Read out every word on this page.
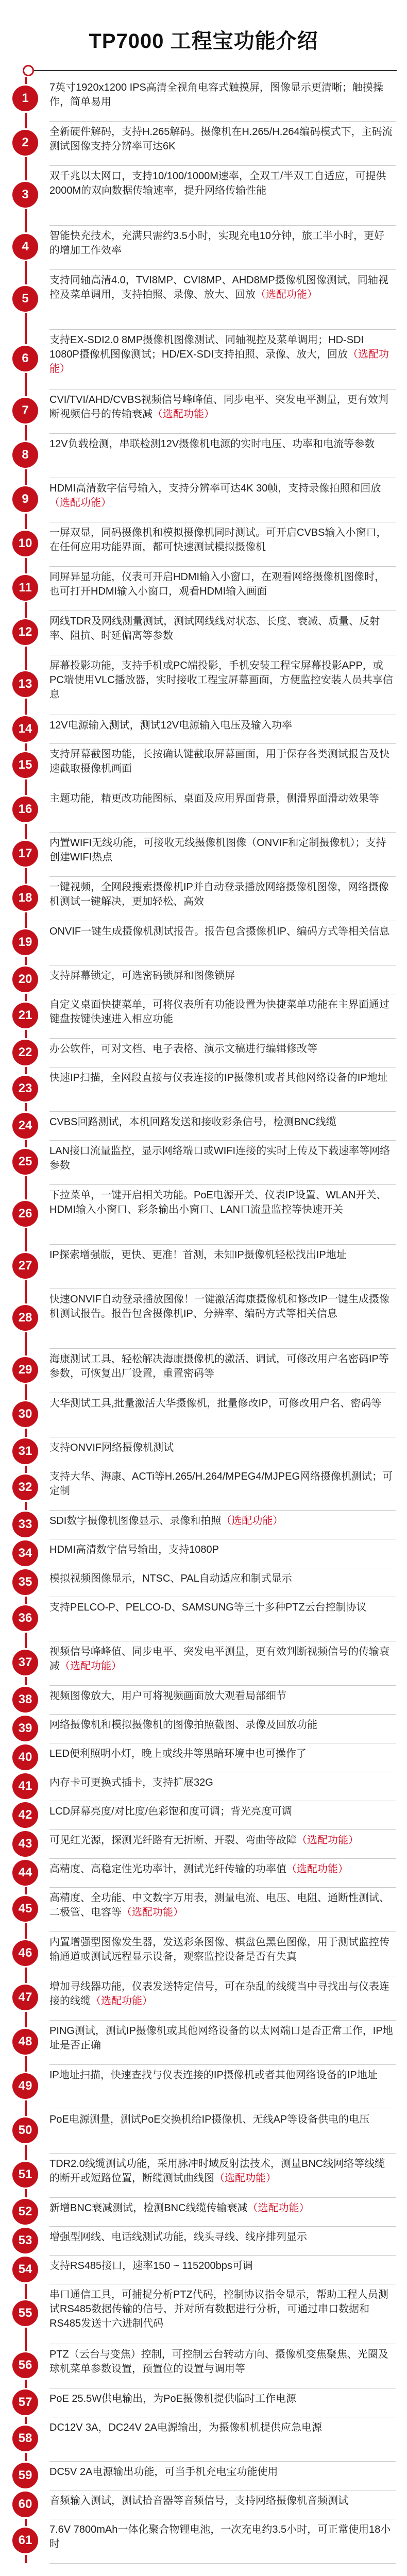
TP7000 工程宝功能介绍
1
7英寸1920x1200 IPS高清全视角电容式触摸屏，图像显示更清晰；触摸操作，简单易用
2
全新硬件解码，支持H.265解码。摄像机在H.265/H.264编码模式下，主码流测试图像支持分辨率可达6K
3
双千兆以太网口，支持10/100/1000M速率，全双工/半双工自适应，可提供2000M的双向数据传输速率，提升网络传输性能
4
智能快充技术，充满只需约3.5小时，实现充电10分钟，旅工半小时，更好的增加工作效率
5
支持同轴高清4.0，TVI8MP、CVI8MP、AHD8MP摄像机图像测试，同轴视控及菜单调用，支持拍照、录像、放大、回放（选配功能）
6
支持EX-SDI2.0 8MP摄像机图像测试、同轴视控及菜单调用；HD-SDI 1080P摄像机图像测试；HD/EX-SDI支持拍照、录像、放大，回放（选配功能）
7
CVI/TVI/AHD/CVBS视频信号峰峰值、同步电平、突发电平测量，更有效判断视频信号的传输衰减（选配功能）
8
12V负载检测，串联检测12V摄像机电源的实时电压、功率和电流等参数
9
HDMI高清数字信号输入，支持分辨率可达4K 30帧，支持录像拍照和回放（选配功能）
10
一屏双显，同码摄像机和模拟摄像机同时测试。可开启CVBS输入小窗口，在任何应用功能界面，都可快速测试模拟摄像机
11
同屏异显功能，仪表可开启HDMI输入小窗口，在观看网络摄像机图像时，也可打开HDMI输入小窗口，观看HDMI输入画面
12
网线TDR及网线测量测试，测试网线线对状态、长度、衰减、质量、反射率、阻抗、时延偏离等参数
13
屏幕投影功能，支持手机或PC端投影，手机安装工程宝屏幕投影APP，或PC端使用VLC播放器，实时接收工程宝屏幕画面，方便监控安装人员共享信息
14	12V电源输入测试，测试12V电源输入电压及输入功率
15
支持屏幕截图功能，长按确认键截取屏幕画面，用于保存各类测试报告及快速截取摄像机画面
16
主题功能，精更改功能图标、桌面及应用界面背景，侧滑界面滑动效果等
17
内置WIFI无线功能，可接收无线摄像机图像（ONVIF和定制摄像机）；支持创建WIFI热点
18
一键视频，全网段搜索摄像机IP并自动登录播放网络摄像机图像，网络摄像机测试一键解决，更加轻松、高效
19
ONVIF一键生成摄像机测试报告。报告包含摄像机IP、编码方式等相关信息
20	支持屏幕锁定，可选密码锁屏和图像锁屏
21
自定义桌面快捷菜单，可将仪表所有功能设置为快捷菜单功能在主界面通过键盘按键快速进入相应功能
22	办公软件，可对文档、电子表格、演示文稿进行编辑修改等
23
快速IP扫描，全网段直接与仪表连接的IP摄像机或者其他网络设备的IP地址
24	CVBS回路测试，本机回路发送和接收彩条信号，检测BNC线缆
25
LAN接口流量监控，显示网络端口或WIFI连接的实时上传及下载速率等网络参数
26
下拉菜单，一键开启相关功能。PoE电源开关、仪表IP设置、WLAN开关、HDMI输入小窗口、彩条输出小窗口、LAN口流量监控等快速开关
27
IP探索增强版，更快、更准！首测，未知IP摄像机轻松找出IP地址
28
快速ONVIF自动登录播放图像！一键激活海康摄像机和修改IP一键生成摄像机测试报告。报告包含摄像机IP、分辨率、编码方式等相关信息
29
海康测试工具，轻松解决海康摄像机的激活、调试，可修改用户名密码IP等参数，可恢复出厂设置，重置密码等
30
大华测试工具,批量激活大华摄像机，批量修改IP，可修改用户名、密码等
31	支持ONVIF网络摄像机测试
32
支持大华、海康、ACTi等H.265/H.264/MPEG4/MJPEG网络摄像机测试；可定制
33	SDI数字摄像机图像显示、录像和拍照（选配功能）
34	HDMI高清数字信号输出，支持1080P
35	模拟视频图像显示，NTSC、PAL自动适应和制式显示
36
支持PELCO-P、PELCO-D、SAMSUNG等三十多种PTZ云台控制协议
37
视频信号峰峰值、同步电平、突发电平测量，更有效判断视频信号的传输衰减（选配功能）
38	视频图像放大，用户可将视频画面放大观看局部细节
39	网络摄像机和模拟摄像机的图像拍照截图、录像及回放功能
40	LED便利照明小灯，晚上或线井等黑暗环境中也可操作了
41	内存卡可更换式插卡，支持扩展32G
42	LCD屏幕亮度/对比度/色彩饱和度可调；背光亮度可调
43	可见红光源，探测光纤路有无折断、开裂、弯曲等故障（选配功能）
44	高精度、高稳定性光功率计，测试光纤传输的功率值（选配功能）
45
高精度、全功能、中文数字万用表，测量电流、电压、电阻、通断性测试、二极管、电容等（选配功能）
46
内置增强型图像发生器，发送彩条图像、棋盘色黑色图像，用于测试监控传输通道或测试远程显示设备，观察监控设备是否有失真
47
增加寻线器功能，仪表发送特定信号，可在杂乱的线缆当中寻找出与仪表连接的线缆（选配功能）
48
PING测试，测试IP摄像机或其他网络设备的以太网端口是否正常工作，IP地址是否正确
49
IP地址扫描，快速查找与仪表连接的IP摄像机或者其他网络设备的IP地址
50
PoE电源测量，测试PoE交换机给IP摄像机、无线AP等设备供电的电压
51
TDR2.0线缆测试功能，采用脉冲时域反射法技术，测量BNC线网络等线缆的断开或短路位置，断缆测试曲线图（选配功能）
52	新增BNC衰减测试，检测BNC线缆传输衰减（选配功能）
53	增强型网线、电话线测试功能，线头寻线、线序排列显示
54	支持RS485接口，速率150 ~ 115200bps可调
55
串口通信工具，可捕捉分析PTZ代码，控制协议指令显示，帮助工程人员测试RS485数据传输的信号，并对所有数据进行分析，可通过串口数据和RS485发送十六进制代码
56
PTZ（云台与变焦）控制，可控制云台转动方向、摄像机变焦聚焦、光圈及球机菜单参数设置，预置位的设置与调用等
57	PoE 25.5W供电输出，为PoE摄像机提供临时工作电源
58
DC12V 3A，DC24V 2A电源输出，为摄像机机提供应急电源
59	DC5V 2A电源输出功能，可当手机充电宝功能使用
60	音频输入测试，测试拾音器等音频信号，支持网络摄像机音频测试
61
7.6V 7800mAh一体化聚合物锂电池，一次充电约3.5小时，可正常使用18小时
